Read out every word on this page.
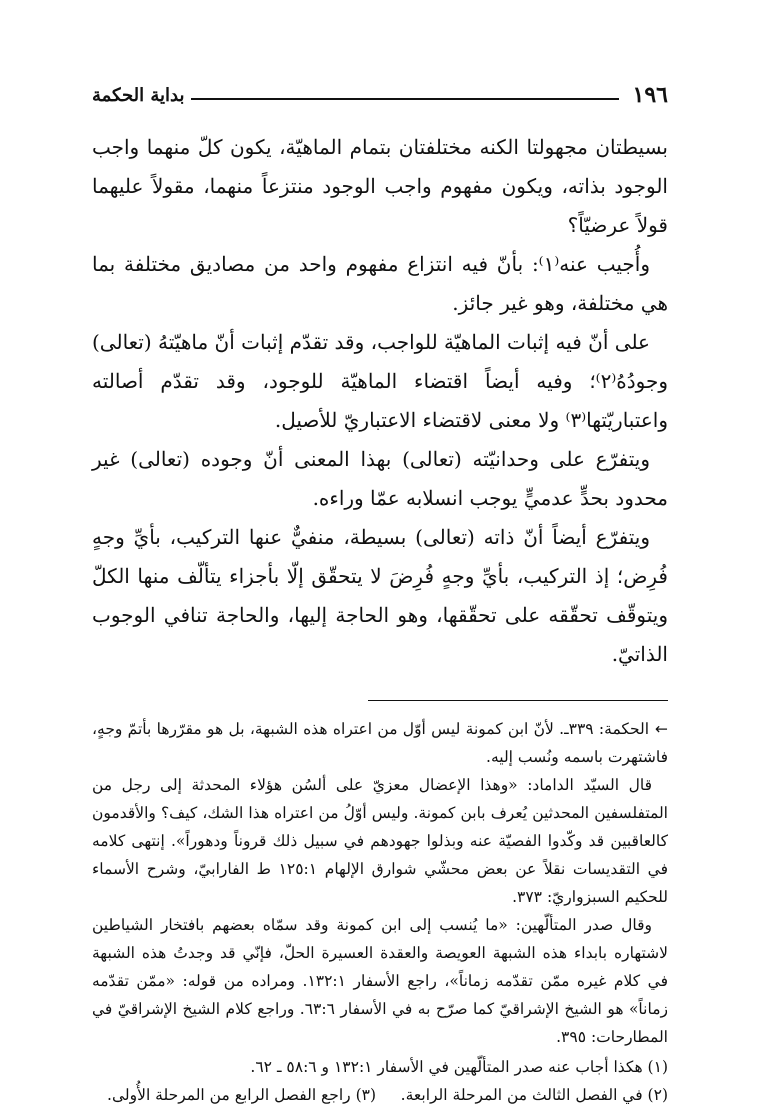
١٩٦
بداية الحكمة

بسيطتان مجهولتا الكنه مختلفتان بتمام الماهيّة، يكون كلّ منهما واجب الوجود بذاته، ويكون مفهوم واجب الوجود منتزعاً منهما، مقولاً عليهما قولاً عرضيّاً؟

وأُجيب عنه⁽١⁾: بأنّ فيه انتزاع مفهوم واحد من مصاديق مختلفة بما هي مختلفة، وهو غير جائز.

على أنّ فيه إثبات الماهيّة للواجب، وقد تقدّم إثبات أنّ ماهيّتهُ (تعالى) وجودُهُ⁽٢⁾؛ وفيه أيضاً اقتضاء الماهيّة للوجود، وقد تقدّم أصالته واعتباريّتها⁽٣⁾ ولا معنى لاقتضاء الاعتباريّ للأصيل.

ويتفرّع على وحدانيّته (تعالى) بهذا المعنى أنّ وجوده (تعالى) غير محدود بحدٍّ عدميٍّ يوجب انسلابه عمّا وراءه.

ويتفرّع أيضاً أنّ ذاته (تعالى) بسيطة، منفيٌّ عنها التركيب، بأيِّ وجهٍ فُرِض؛ إذ التركيب، بأيِّ وجهٍ فُرِضَ لا يتحقّق إلّا بأجزاء يتألّف منها الكلّ ويتوقّف تحقّقه على تحقّقها، وهو الحاجة إليها، والحاجة تنافي الوجوب الذاتيّ.

←الحكمة: ٣٣٩ـ. لأنّ ابن كمونة ليس أوّل من اعتراه هذه الشبهة، بل هو مقرّرها بأتمّ وجهٍ، فاشتهرت باسمه ونُسب إليه.

قال السيّد الداماد: «وهذا الإعضال معزيّ على ألسُن هؤلاء المحدثة إلى رجل من المتفلسفين المحدثين يُعرف بابن كمونة. وليس أوّلُ من اعتراه هذا الشك، كيف؟ والأقدمون كالعاقبين قد وكّدوا الفصيّة عنه وبذلوا جهودهم في سبيل ذلك قروناً ودهوراً». إنتهى كلامه في التقديسات نقلاً عن بعض محشّي شوارق الإلهام ١٢٥:١ ط الفارابيّ، وشرح الأسماء للحكيم السبزواريّ: ٣٧٣.

وقال صدر المتألّهين: «ما يُنسب إلى ابن كمونة وقد سمّاه بعضهم بافتخار الشياطين لاشتهاره بابداء هذه الشبهة العويصة والعقدة العسيرة الحلّ، فإنّي قد وجدتُ هذه الشبهة في كلام غيره ممّن تقدّمه زماناً»، راجع الأسفار ١٣٢:١. ومراده من قوله: «ممّن تقدّمه زماناً» هو الشيخ الإشراقيّ كما صرّح به في الأسفار ٦٣:٦. وراجع كلام الشيخ الإشراقيّ في المطارحات: ٣٩٥.

(١) هكذا أجاب عنه صدر المتألّهين في الأسفار ١٣٢:١ و ٥٨:٦ ـ ٦٢.

(٢) في الفصل الثالث من المرحلة الرابعة.     (٣) راجع الفصل الرابع من المرحلة الأُولى.
